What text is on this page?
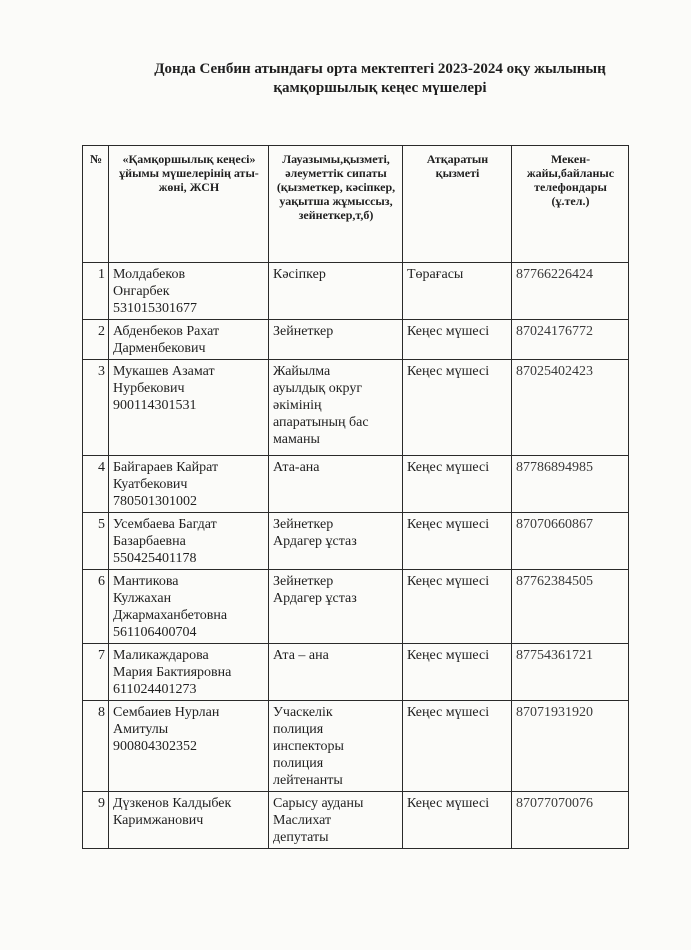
Донда Сенбин атындағы орта мектептегі 2023-2024 оқу жылының
қамқоршылық кеңес мүшелері
№	«Қамқоршылық кеңесі» ұйымы мүшелерінің аты-жөні, ЖСН	Лауазымы,қызметі, әлеуметтік сипаты (қызметкер, кәсіпкер, уақытша жұмыссыз, зейнеткер,т,б)	Атқаратын қызметі	Мекен-жайы,байланыс телефондары (ұ.тел.)
1	Молдабеков
Онгарбек
531015301677	Кәсіпкер	Төрағасы	87766226424
2	Абденбеков Рахат
Дарменбекович	Зейнеткер	Кеңес мүшесі	87024176772
3	Мукашев Азамат
Нурбекович
900114301531	Жайылма
ауылдық округ
әкімінің
апаратының бас
маманы	Кеңес мүшесі	87025402423
4	Байгараев Кайрат
Куатбекович
780501301002	Ата-ана	Кеңес мүшесі	87786894985
5	Усембаева Багдат
Базарбаевна
550425401178	Зейнеткер
Ардагер ұстаз	Кеңес мүшесі	87070660867
6	Мантикова
Кулжахан
Джармаханбетовна
561106400704	Зейнеткер
Ардагер ұстаз	Кеңес мүшесі	87762384505
7	Маликаждарова
Мария Бактияровна
611024401273	Ата – ана	Кеңес мүшесі	87754361721
8	Сембаиев Нурлан
Амитулы
900804302352	Учаскелік
полиция
инспекторы
полиция
лейтенанты	Кеңес мүшесі	87071931920
9	Дүзкенов Калдыбек
Каримжанович	Сарысу ауданы
Маслихат
депутаты	Кеңес мүшесі	87077070076
